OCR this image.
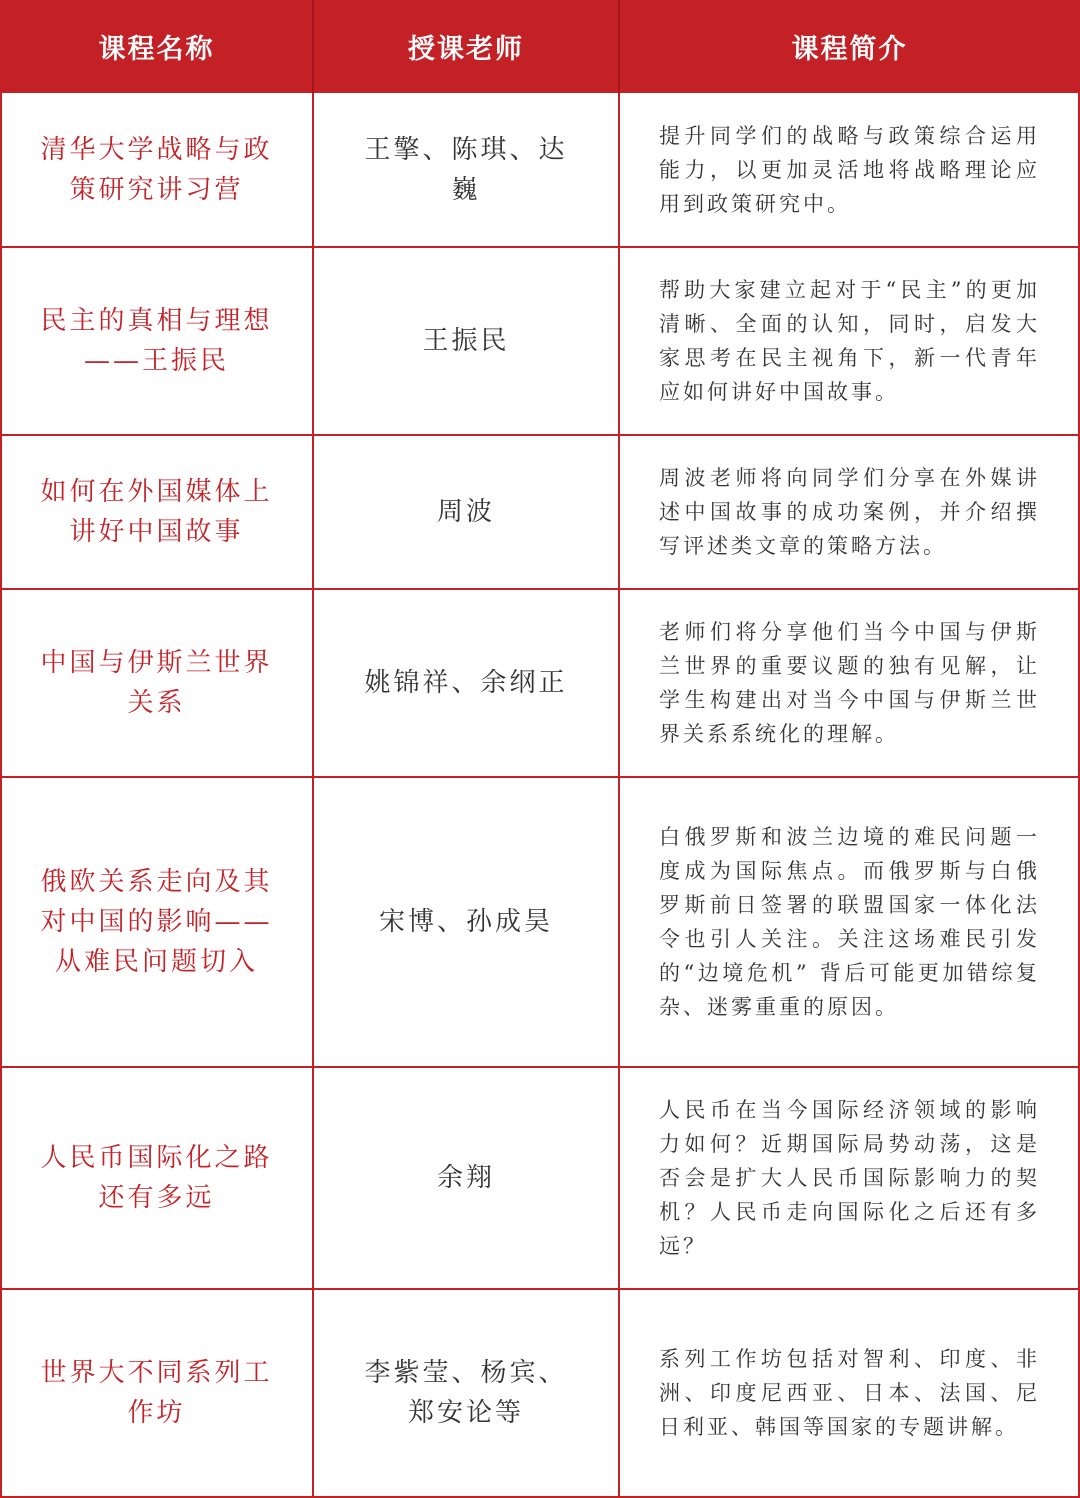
课程名称	授课老师	课程简介
清华大学战略与政策研究讲习营
王擎、陈琪、达巍
提升同学们的战略与政策综合运用能力，以更加灵活地将战略理论应用到政策研究中。
民主的真相与理想——王振民
王振民
帮助大家建立起对于“民主”的更加清晰、全面的认知，同时，启发大家思考在民主视角下，新一代青年应如何讲好中国故事。
如何在外国媒体上讲好中国故事
周波
周波老师将向同学们分享在外媒讲述中国故事的成功案例，并介绍撰写评述类文章的策略方法。
中国与伊斯兰世界关系
姚锦祥、余纲正
老师们将分享他们当今中国与伊斯兰世界的重要议题的独有见解，让学生构建出对当今中国与伊斯兰世界关系系统化的理解。
俄欧关系走向及其对中国的影响——从难民问题切入
宋博、孙成昊
白俄罗斯和波兰边境的难民问题一度成为国际焦点。而俄罗斯与白俄罗斯前日签署的联盟国家一体化法令也引人关注。关注这场难民引发的“边境危机” 背后可能更加错综复杂、迷雾重重的原因。
人民币国际化之路还有多远
余翔
人民币在当今国际经济领域的影响力如何？近期国际局势动荡，这是否会是扩大人民币国际影响力的契机？人民币走向国际化之后还有多远？
世界大不同系列工作坊
李紫莹、杨宾、郑安论等
系列工作坊包括对智利、印度、非洲、印度尼西亚、日本、法国、尼日利亚、韩国等国家的专题讲解。
